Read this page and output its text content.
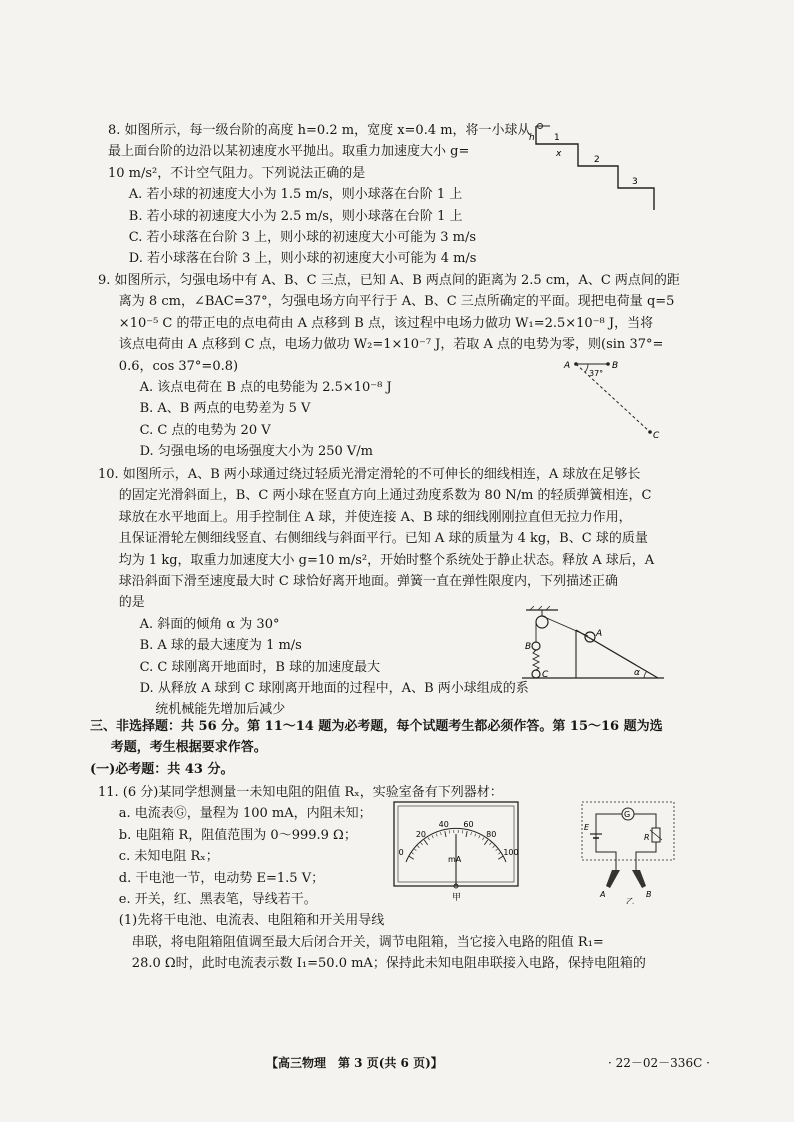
8. 如图所示，每一级台阶的高度 h=0.2 m，宽度 x=0.4 m，将一小球从
最上面台阶的边沿以某初速度水平抛出。取重力加速度大小 g=
10 m/s²，不计空气阻力。下列说法正确的是
A. 若小球的初速度大小为 1.5 m/s，则小球落在台阶 1 上
B. 若小球的初速度大小为 2.5 m/s，则小球落在台阶 1 上
C. 若小球落在台阶 3 上，则小球的初速度大小可能为 3 m/s
D. 若小球落在台阶 3 上，则小球的初速度大小可能为 4 m/s
h
x
1
2
3
9. 如图所示，匀强电场中有 A、B、C 三点，已知 A、B 两点间的距离为 2.5 cm，A、C 两点间的距
离为 8 cm，∠BAC=37°，匀强电场方向平行于 A、B、C 三点所确定的平面。现把电荷量 q=5
×10⁻⁵ C 的带正电的点电荷由 A 点移到 B 点，该过程中电场力做功 W₁=2.5×10⁻⁸ J，当将
该点电荷由 A 点移到 C 点，电场力做功 W₂=1×10⁻⁷ J，若取 A 点的电势为零，则(sin 37°=
0.6，cos 37°=0.8)
A. 该点电荷在 B 点的电势能为 2.5×10⁻⁸ J
B. A、B 两点的电势差为 5 V
C. C 点的电势为 20 V
D. 匀强电场的电场强度大小为 250 V/m
A	B
C
37°
10. 如图所示，A、B 两小球通过绕过轻质光滑定滑轮的不可伸长的细线相连，A 球放在足够长
的固定光滑斜面上，B、C 两小球在竖直方向上通过劲度系数为 80 N/m 的轻质弹簧相连，C
球放在水平地面上。用手控制住 A 球，并使连接 A、B 球的细线刚刚拉直但无拉力作用，
且保证滑轮左侧细线竖直、右侧细线与斜面平行。已知 A 球的质量为 4 kg，B、C 球的质量
均为 1 kg，取重力加速度大小 g=10 m/s²，开始时整个系统处于静止状态。释放 A 球后，A
球沿斜面下滑至速度最大时 C 球恰好离开地面。弹簧一直在弹性限度内，下列描述正确
的是
A. 斜面的倾角 α 为 30°
B. A 球的最大速度为 1 m/s
C. C 球刚离开地面时，B 球的加速度最大
D. 从释放 A 球到 C 球刚离开地面的过程中，A、B 两小球组成的系
统机械能先增加后减少
B
C
A
α
三、非选择题：共 56 分。第 11～14 题为必考题，每个试题考生都必须作答。第 15～16 题为选
考题，考生根据要求作答。
(一)必考题：共 43 分。
11. (6 分)某同学想测量一未知电阻的阻值 Rₓ，实验室备有下列器材：
a. 电流表Ⓖ，量程为 100 mA，内阻未知；
b. 电阻箱 R，阻值范围为 0～999.9 Ω；
c. 未知电阻 Rₓ；
d. 干电池一节，电动势 E=1.5 V；
e. 开关，红、黑表笔，导线若干。
(1)先将干电池、电流表、电阻箱和开关用导线
串联，将电阻箱阻值调至最大后闭合开关，调节电阻箱，当它接入电路的阻值 R₁=
28.0 Ω时，此时电流表示数 I₁=50.0 mA；保持此未知电阻串联接入电路，保持电阻箱的
0
20
40 60
80
100
mA
甲
G
E
R
A	B
乙
【高三物理　第 3 页(共 6 页)】	· 22－02－336C ·
